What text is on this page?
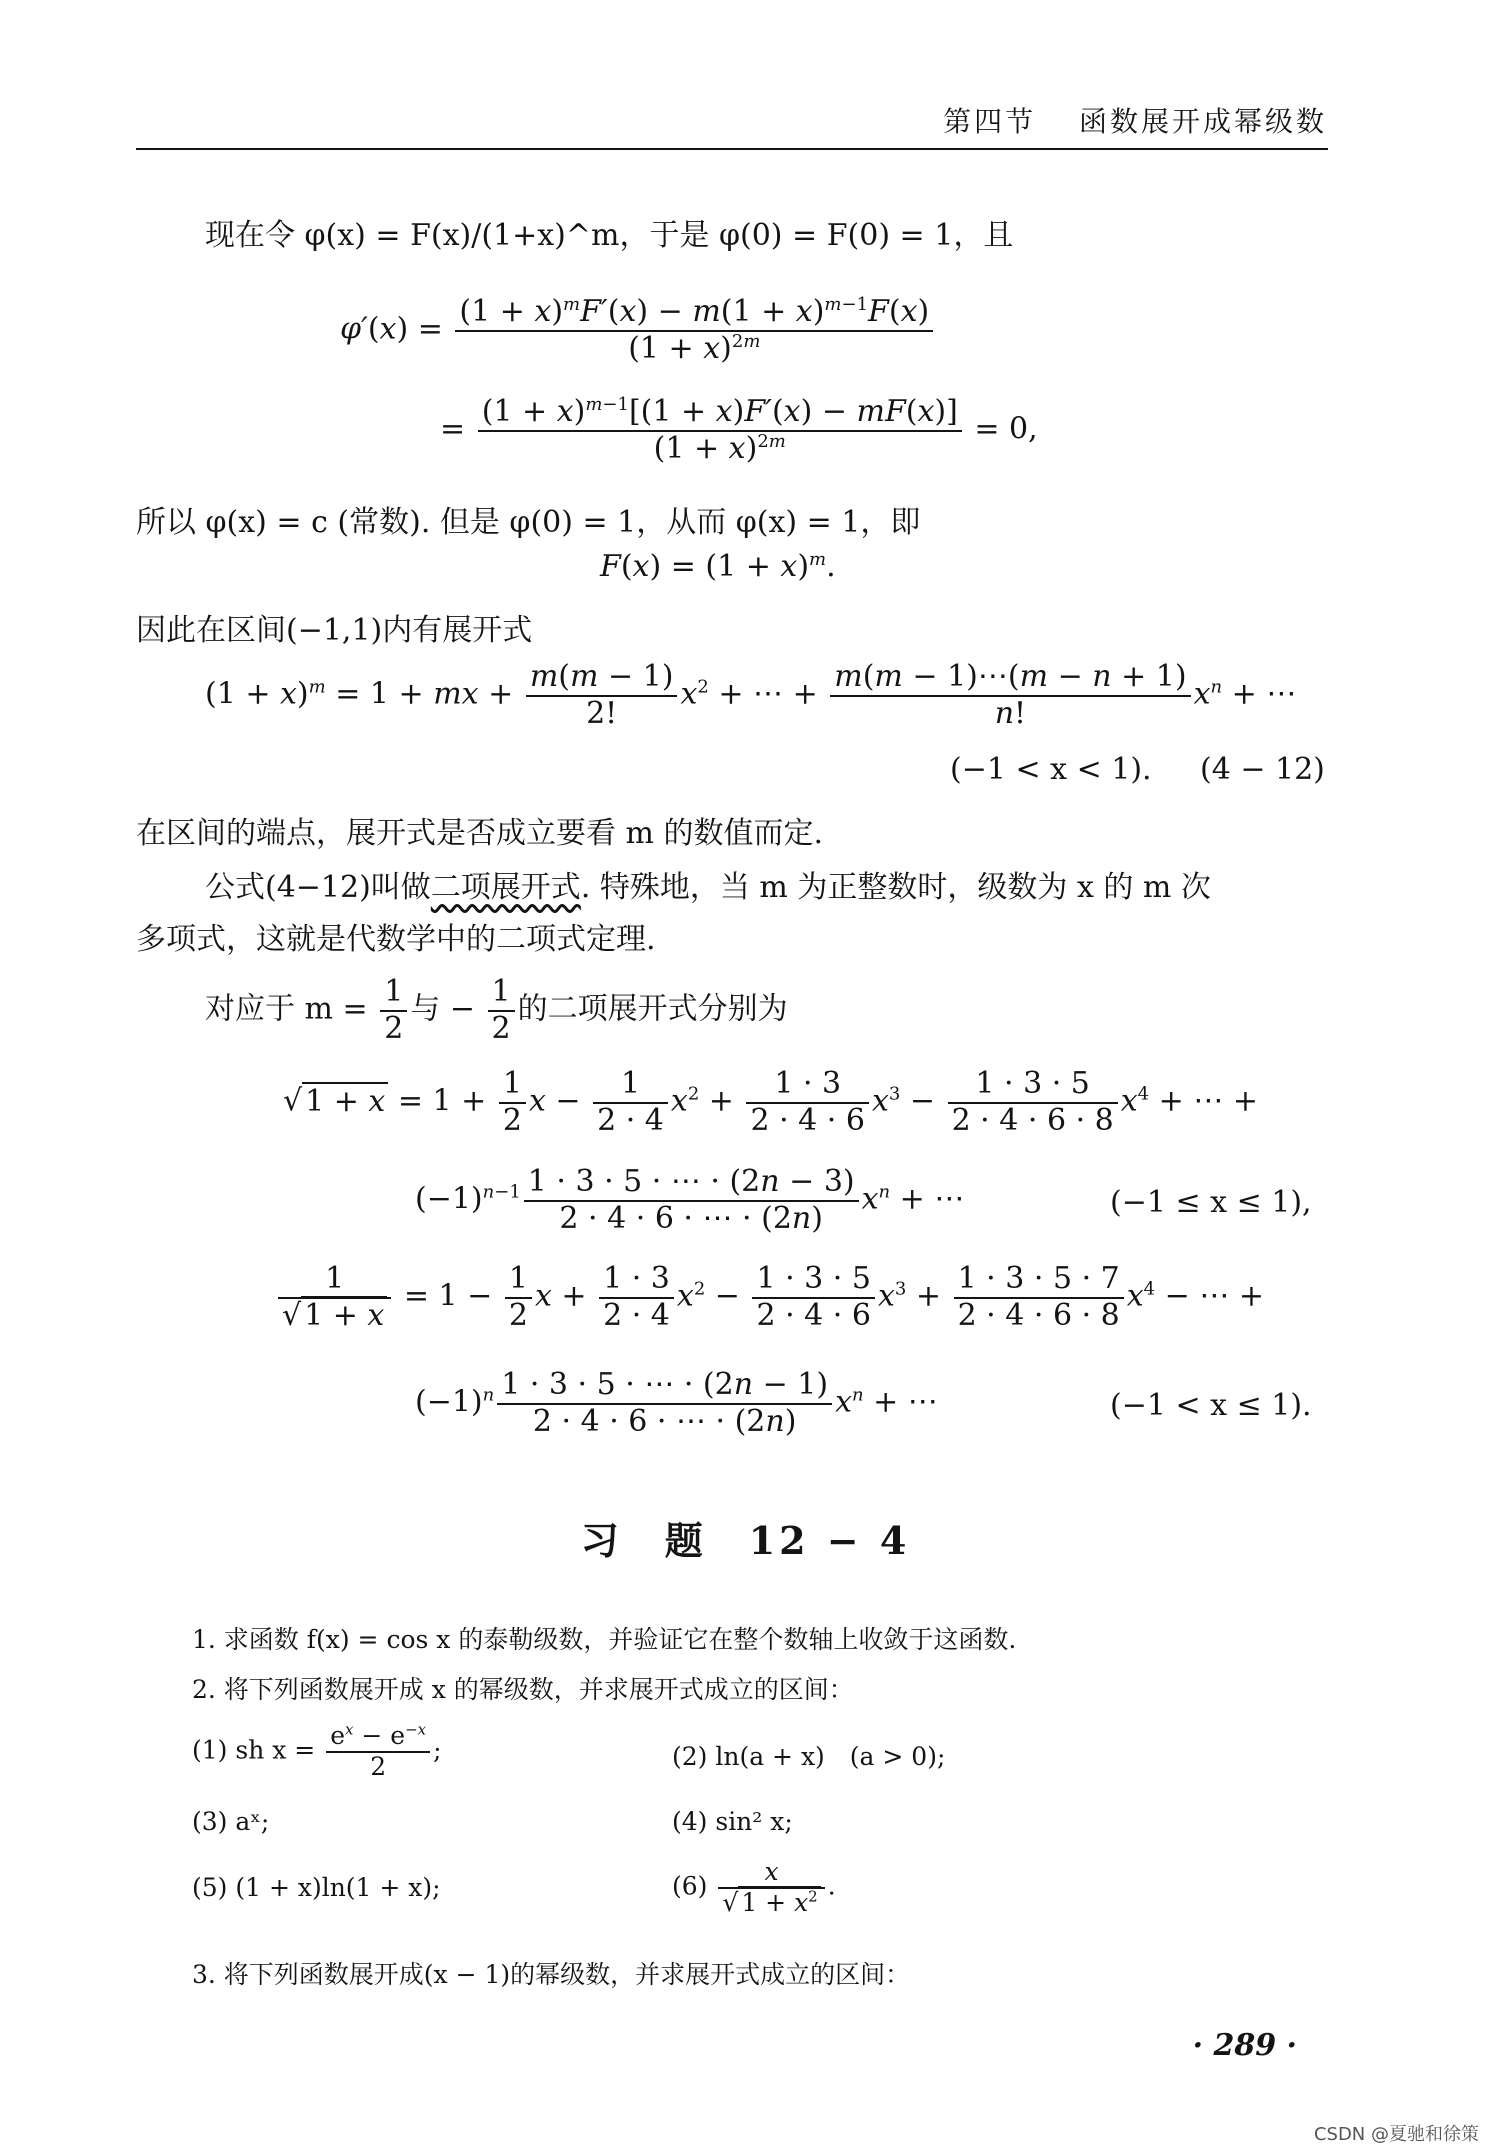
第四节　 函数展开成幂级数
现在令 φ(x) = F(x)/(1+x)^m，于是 φ(0) = F(0) = 1，且
$\varphi'(x) = \frac{(1 + x)^mF'(x) - m(1 + x)^{m-1}F(x)}{(1 + x)^{2m}}$
= $\frac{(1 + x)^{m-1}[(1 + x)F'(x) - mF(x)]}{(1 + x)^{2m}} = 0$,
所以 φ(x) = c (常数). 但是 φ(0) = 1，从而 φ(x) = 1，即
$F(x) = (1 + x)^m$.
因此在区间(−1,1)内有展开式
$(1 + x)^m = 1$ + mx + $\frac{m(m - 1)}{2!} x^2$ + ⋯ + $\frac{m(m - 1)\cdots(m - n + 1)}{n!} x^n$ + ⋯
(−1 < x < 1). (4 − 12)
在区间的端点，展开式是否成立要看 m 的数值而定.
公式(4−12)叫做二项展开式. 特殊地，当 m 为正整数时，级数为 x 的 m 次
多项式，这就是代数学中的二项式定理.
对应于 $m = \frac{1}{2}$ 与 − $\frac{1}{2}$ 的二项展开式分别为
√ $1 + x = 1 + \frac{1}{2}$ $x - \frac{1}{2 \cdot 4} x^2 + \frac{1 \cdot 3}{2 \cdot 4 \cdot 6} x^3 - \frac{1 \cdot 3 \cdot 5}{2 \cdot 4 \cdot 6 \cdot 8} x^4$ + ⋯ +
$(-1)^{n-1} \frac{1 \cdot 3 \cdot 5 \cdot \cdots \cdot (2n - 3)}{2 \cdot 4 \cdot 6 \cdot \cdots \cdot (2n)} x^n$ + ⋯	(−1 ≤ x ≤ 1),
$\frac{1}{√ 1 + x} = 1 - \frac{1}{2}$ $x + \frac{1 \cdot 3}{2 \cdot 4} x^2 - \frac{1 \cdot 3 \cdot 5}{2 \cdot 4 \cdot 6} x^3 + \frac{1 \cdot 3 \cdot 5 \cdot 7}{2 \cdot 4 \cdot 6 \cdot 8} x^4$ − ⋯ +
$(-1)^n \frac{1 \cdot 3 \cdot 5 \cdot \cdots \cdot (2n - 1)}{2 \cdot 4 \cdot 6 \cdot \cdots \cdot (2n)} x^n$ + ⋯	(−1 < x ≤ 1).
习　题　12 − 4
1. 求函数 f(x) = cos x 的泰勒级数，并验证它在整个数轴上收敛于这函数.
2. 将下列函数展开成 x 的幂级数，并求展开式成立的区间：
(1) sh $x = \frac{e^x - e^{-x}}{2}$ ;	(2) ln(a + x)　(a > 0);
(3) aˣ;	(4) sin² x;
(5) (1 + x)ln(1 + x);	$(6) \frac{x}{√ 1 + x^2}$ .
3. 将下列函数展开成(x − 1)的幂级数，并求展开式成立的区间：
· 289 ·
CSDN @夏驰和徐策
